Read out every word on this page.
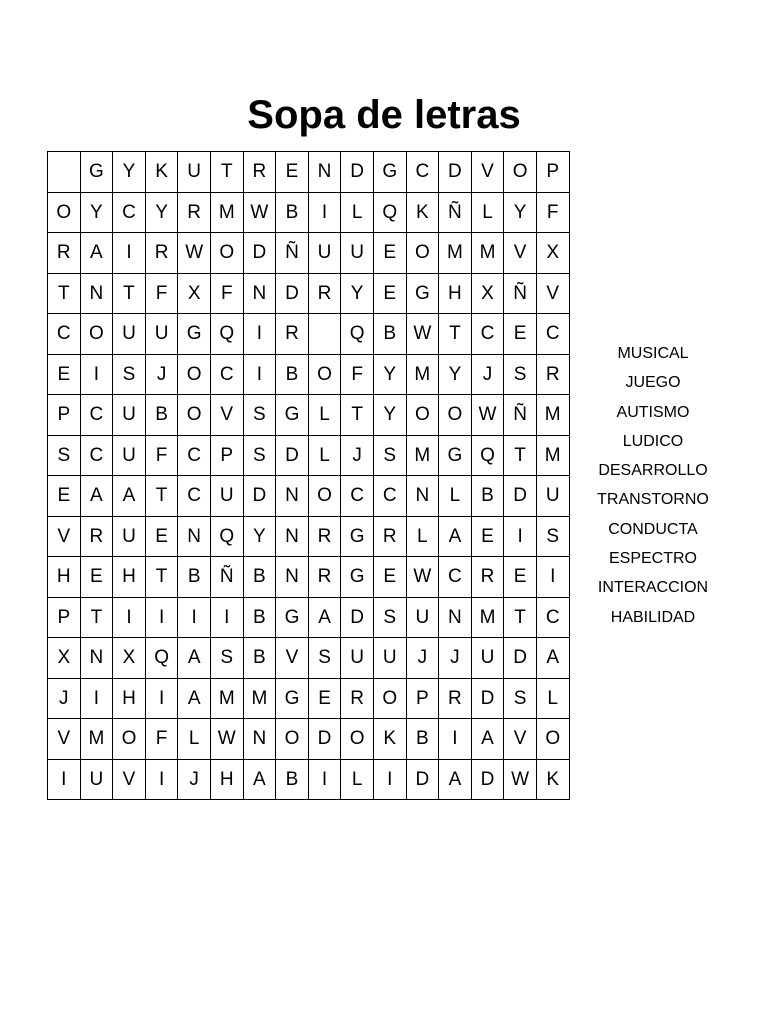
Sopa de letras
	G	Y	K	U	T	R	E	N	D	G	C	D	V	O	P
O	Y	C	Y	R	M	W	B	I	L	Q	K	Ñ	L	Y	F
R	A	I	R	W	O	D	Ñ	U	U	E	O	M	M	V	X
T	N	T	F	X	F	N	D	R	Y	E	G	H	X	Ñ	V
C	O	U	U	G	Q	I	R		Q	B	W	T	C	E	C
E	I	S	J	O	C	I	B	O	F	Y	M	Y	J	S	R
P	C	U	B	O	V	S	G	L	T	Y	O	O	W	Ñ	M
S	C	U	F	C	P	S	D	L	J	S	M	G	Q	T	M
E	A	A	T	C	U	D	N	O	C	C	N	L	B	D	U
V	R	U	E	N	Q	Y	N	R	G	R	L	A	E	I	S
H	E	H	T	B	Ñ	B	N	R	G	E	W	C	R	E	I
P	T	I	I	I	I	B	G	A	D	S	U	N	M	T	C
X	N	X	Q	A	S	B	V	S	U	U	J	J	U	D	A
J	I	H	I	A	M	M	G	E	R	O	P	R	D	S	L
V	M	O	F	L	W	N	O	D	O	K	B	I	A	V	O
I	U	V	I	J	H	A	B	I	L	I	D	A	D	W	K
MUSICAL
JUEGO
AUTISMO
LUDICO
DESARROLLO
TRANSTORNO
CONDUCTA
ESPECTRO
INTERACCION
HABILIDAD
